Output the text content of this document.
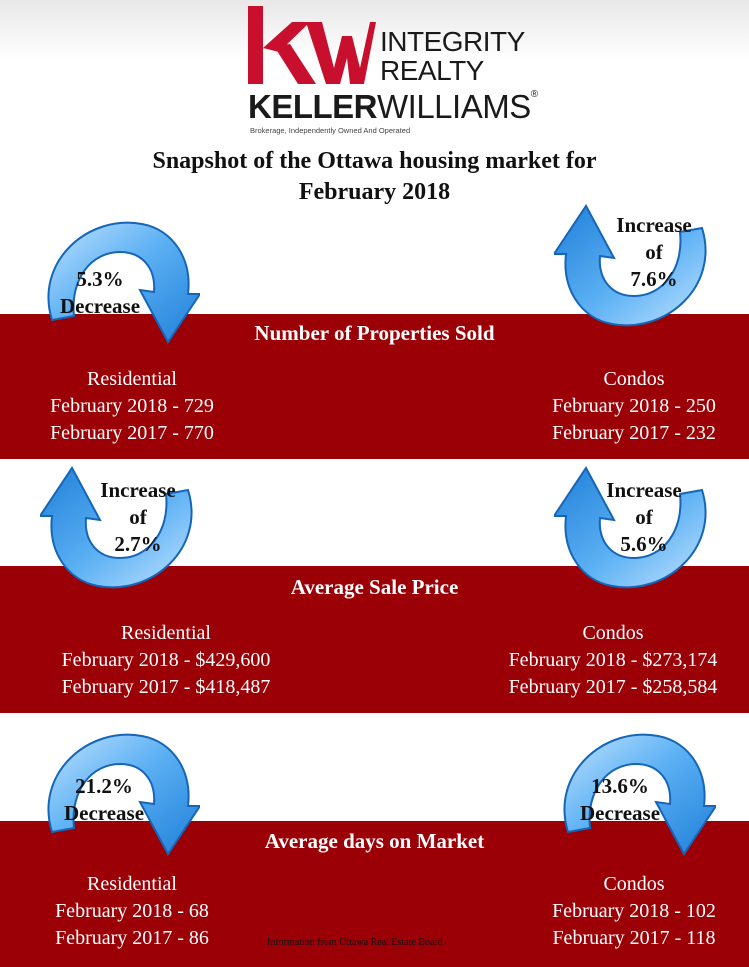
INTEGRITY
REALTY
KELLERWILLIAMS®
Brokerage, Independently Owned And Operated
Snapshot of the Ottawa housing market for
February 2018
Number of Properties Sold
Residential
February 2018 - 729
February 2017 - 770
Condos
February 2018 - 250
February 2017 - 232
Average Sale Price
Residential
February 2018 - $429,600
February 2017 - $418,487
Condos
February 2018 - $273,174
February 2017 - $258,584
Average days on Market
Residential
February 2018 - 68
February 2017 - 86
Condos
February 2018 - 102
February 2017 - 118
5.3%
Decrease
Increase
of
7.6%
Increase
of
2.7%
Increase
of
5.6%
21.2%
Decrease
13.6%
Decrease
Information from Ottawa Real Estate Board
